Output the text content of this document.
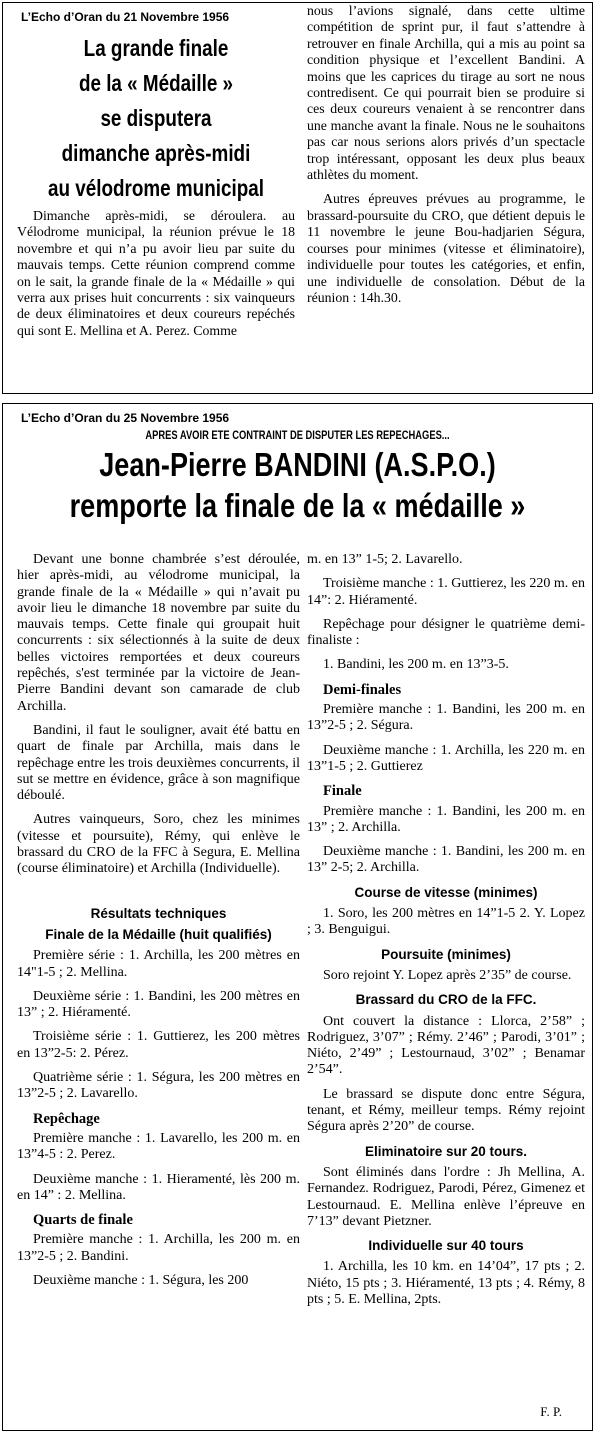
L’Echo d’Oran du 21 Novembre 1956
La grande finale
de la « Médaille »
se disputera
dimanche après-midi
au vélodrome municipal

Dimanche après-midi, se déroulera. au Vélodrome municipal, la réunion prévue le 18 novembre et qui n’a pu avoir lieu par suite du mauvais temps. Cette réunion comprend comme on le sait, la grande finale de la « Médaille » qui verra aux prises huit concurrents : six vainqueurs de deux éliminatoires et deux coureurs repéchés qui sont E. Mellina et A. Perez. Comme

nous l’avions signalé, dans cette ultime compétition de sprint pur, il faut s’attendre à retrouver en finale Archilla, qui a mis au point sa condition physique et l’excellent Bandini. A moins que les caprices du tirage au sort ne nous contredisent. Ce qui pourrait bien se produire si ces deux coureurs venaient à se rencontrer dans une manche avant la finale. Nous ne le souhaitons pas car nous serions alors privés d’un spectacle trop intéressant, opposant les deux plus beaux athlètes du moment.

Autres épreuves prévues au programme, le brassard-poursuite du CRO, que détient depuis le 11 novembre le jeune Bou-hadjarien Ségura, courses pour minimes (vitesse et éliminatoire), individuelle pour toutes les catégories, et enfin, une individuelle de consolation. Début de la réunion : 14h.30.

L’Echo d’Oran du 25 Novembre 1956
APRES AVOIR ETE CONTRAINT DE DISPUTER LES REPECHAGES...
Jean-Pierre BANDINI (A.S.P.O.)
remporte la finale de la « médaille »

Devant une bonne chambrée s’est déroulée, hier après-midi, au vélodrome municipal, la grande finale de la « Médaille » qui n’avait pu avoir lieu le dimanche 18 novembre par suite du mauvais temps. Cette finale qui groupait huit concurrents : six sélectionnés à la suite de deux belles victoires remportées et deux coureurs repêchés, s'est terminée par la victoire de Jean-Pierre Bandini devant son camarade de club Archilla.

Bandini, il faut le souligner, avait été battu en quart de finale par Archilla, mais dans le repêchage entre les trois deuxièmes concurrents, il sut se mettre en évidence, grâce à son magnifique déboulé.

Autres vainqueurs, Soro, chez les minimes (vitesse et poursuite), Rémy, qui enlève le brassard du CRO de la FFC à Segura, E. Mellina (course éliminatoire) et Archilla (Individuelle).

Résultats techniques
Finale de la Médaille (huit qualifiés)

Première série : 1. Archilla, les 200 mètres en 14"1-5 ; 2. Mellina.

Deuxième série : 1. Bandini, les 200 mètres en 13” ; 2. Hiéramenté.

Troisième série : 1. Guttierez, les 200 mètres en 13”2-5: 2. Pérez.

Quatrième série : 1. Ségura, les 200 mètres en 13”2-5 ; 2. Lavarello.

Repêchage

Première manche : 1. Lavarello, les 200 m. en 13”4-5 : 2. Perez.

Deuxième manche : 1. Hieramenté, lès 200 m. en 14” : 2. Mellina.

Quarts de finale

Première manche : 1. Archilla, les 200 m. en 13”2-5 ; 2. Bandini.

Deuxième manche : 1. Ségura, les 200

m. en 13” 1-5; 2. Lavarello.

Troisième manche : 1. Guttierez, les 220 m. en 14”: 2. Hiéramenté.

Repêchage pour désigner le quatrième demi-finaliste :

1. Bandini, les 200 m. en 13”3-5.

Demi-finales

Première manche : 1. Bandini, les 200 m. en 13”2-5 ; 2. Ségura.

Deuxième manche : 1. Archilla, les 220 m. en 13”1-5 ; 2. Guttierez

Finale

Première manche : 1. Bandini, les 200 m. en 13” ; 2. Archilla.

Deuxième manche : 1. Bandini, les 200 m. en 13” 2-5; 2. Archilla.

Course de vitesse (minimes)

1. Soro, les 200 mètres en 14”1-5 2. Y. Lopez ; 3. Benguigui.

Poursuite (minimes)

Soro rejoint Y. Lopez après 2’35” de course.

Brassard du CRO de la FFC.

Ont couvert la distance : Llorca, 2’58” ; Rodriguez, 3’07” ; Rémy. 2’46” ; Parodi, 3’01” ; Niéto, 2’49” ; Lestournaud, 3’02” ; Benamar 2’54”.

Le brassard se dispute donc entre Ségura, tenant, et Rémy, meilleur temps. Rémy rejoint Ségura après 2’20” de course.

Eliminatoire sur 20 tours.

Sont éliminés dans l'ordre : Jh Mellina, A. Fernandez. Rodriguez, Parodi, Pérez, Gimenez et Lestournaud. E. Mellina enlève l’épreuve en 7’13” devant Pietzner.

Individuelle sur 40 tours

1. Archilla, les 10 km. en 14’04”, 17 pts ; 2. Niéto, 15 pts ; 3. Hiéramenté, 13 pts ; 4. Rémy, 8 pts ; 5. E. Mellina, 2pts.

F. P.
